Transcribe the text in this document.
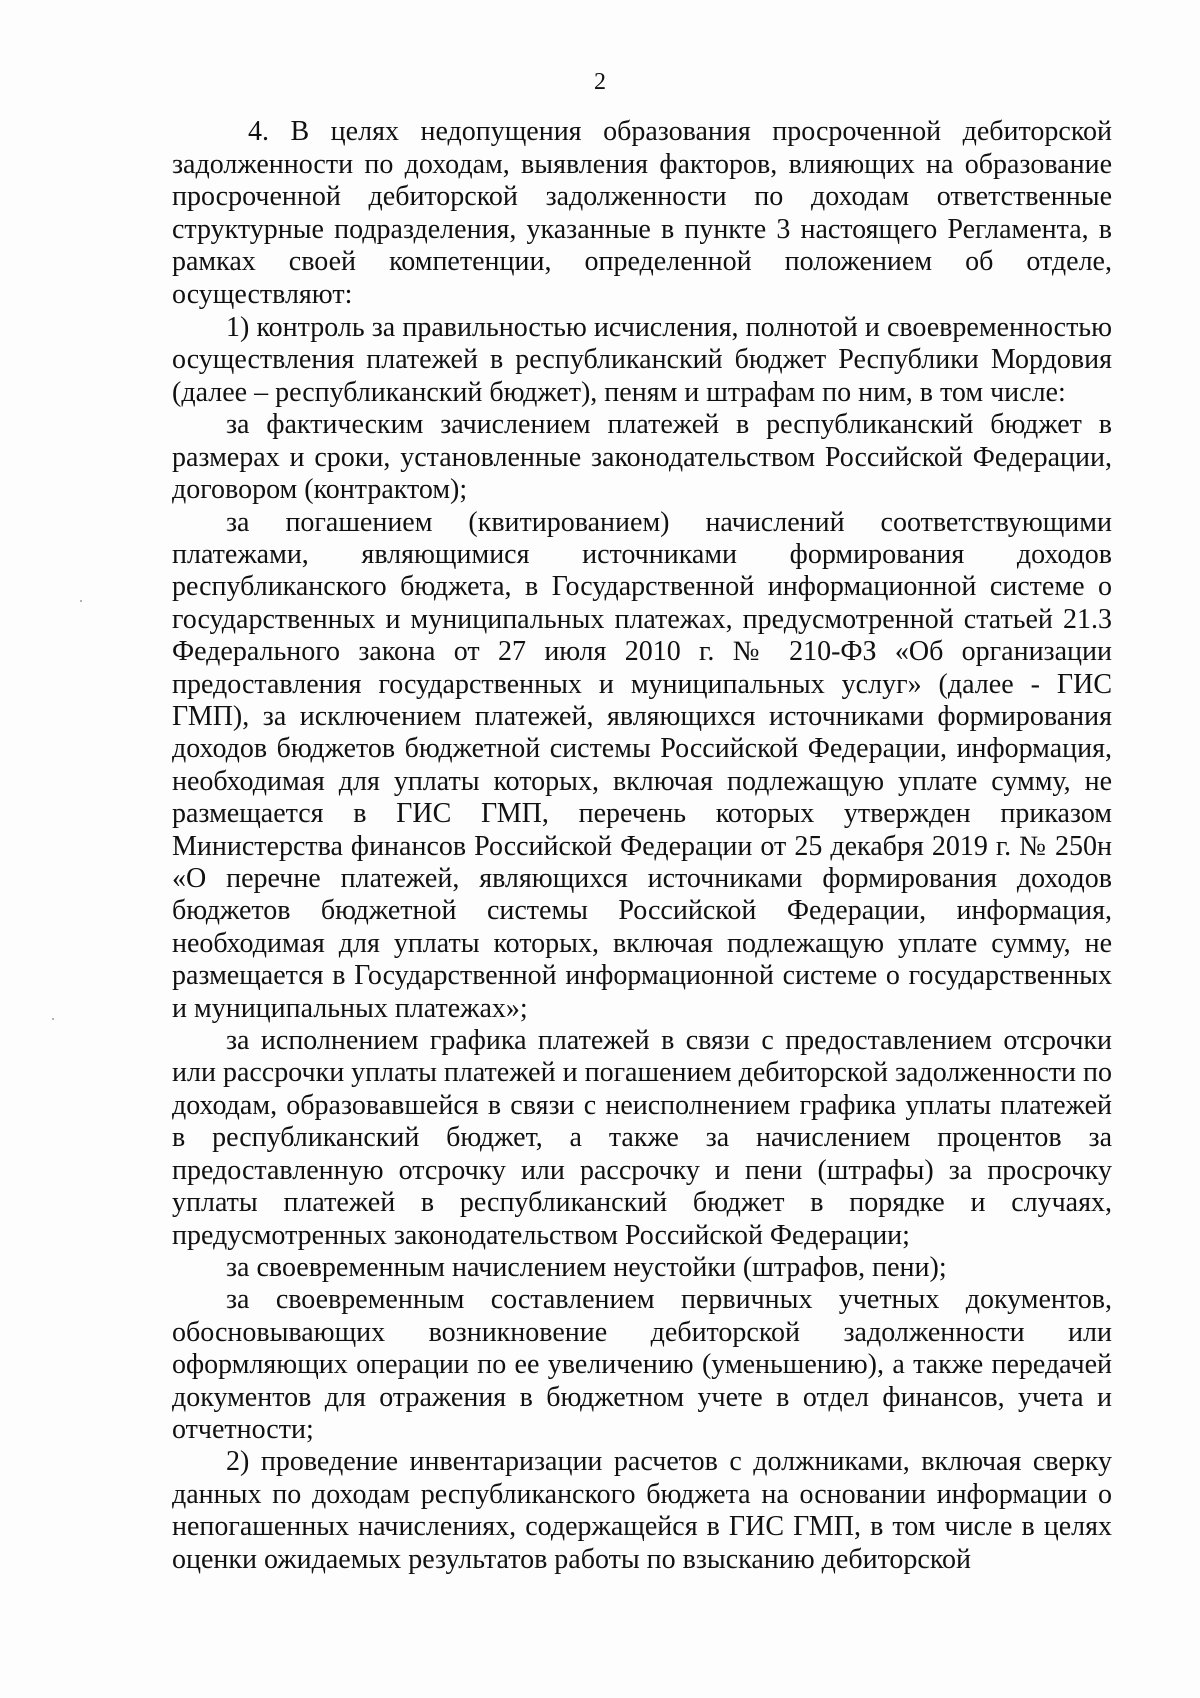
2

4. В целях недопущения образования просроченной дебиторской задолженности по доходам, выявления факторов, влияющих на образование просроченной дебиторской задолженности по доходам ответственные структурные подразделения, указанные в пункте 3 настоящего Регламента, в рамках своей компетенции, определенной положением об отделе, осуществляют:

1) контроль за правильностью исчисления, полнотой и своевременностью осуществления платежей в республиканский бюджет Республики Мордовия (далее – республиканский бюджет), пеням и штрафам по ним, в том числе:

за фактическим зачислением платежей в республиканский бюджет в размерах и сроки, установленные законодательством Российской Федерации, договором (контрактом);

за погашением (квитированием) начислений соответствующими платежами, являющимися источниками формирования доходов республиканского бюджета, в Государственной информационной системе о государственных и муниципальных платежах, предусмотренной статьей 21.3 Федерального закона от 27 июля 2010 г. № 210-ФЗ «Об организации предоставления государственных и муниципальных услуг» (далее - ГИС ГМП), за исключением платежей, являющихся источниками формирования доходов бюджетов бюджетной системы Российской Федерации, информация, необходимая для уплаты которых, включая подлежащую уплате сумму, не размещается в ГИС ГМП, перечень которых утвержден приказом Министерства финансов Российской Федерации от 25 декабря 2019 г. № 250н «О перечне платежей, являющихся источниками формирования доходов бюджетов бюджетной системы Российской Федерации, информация, необходимая для уплаты которых, включая подлежащую уплате сумму, не размещается в Государственной информационной системе о государственных и муниципальных платежах»;

за исполнением графика платежей в связи с предоставлением отсрочки или рассрочки уплаты платежей и погашением дебиторской задолженности по доходам, образовавшейся в связи с неисполнением графика уплаты платежей в республиканский бюджет, а также за начислением процентов за предоставленную отсрочку или рассрочку и пени (штрафы) за просрочку уплаты платежей в республиканский бюджет в порядке и случаях, предусмотренных законодательством Российской Федерации;

за своевременным начислением неустойки (штрафов, пени);

за своевременным составлением первичных учетных документов, обосновывающих возникновение дебиторской задолженности или оформляющих операции по ее увеличению (уменьшению), а также передачей документов для отражения в бюджетном учете в отдел финансов, учета и отчетности;

2) проведение инвентаризации расчетов с должниками, включая сверку данных по доходам республиканского бюджета на основании информации о непогашенных начислениях, содержащейся в ГИС ГМП, в том числе в целях оценки ожидаемых результатов работы по взысканию дебиторской
